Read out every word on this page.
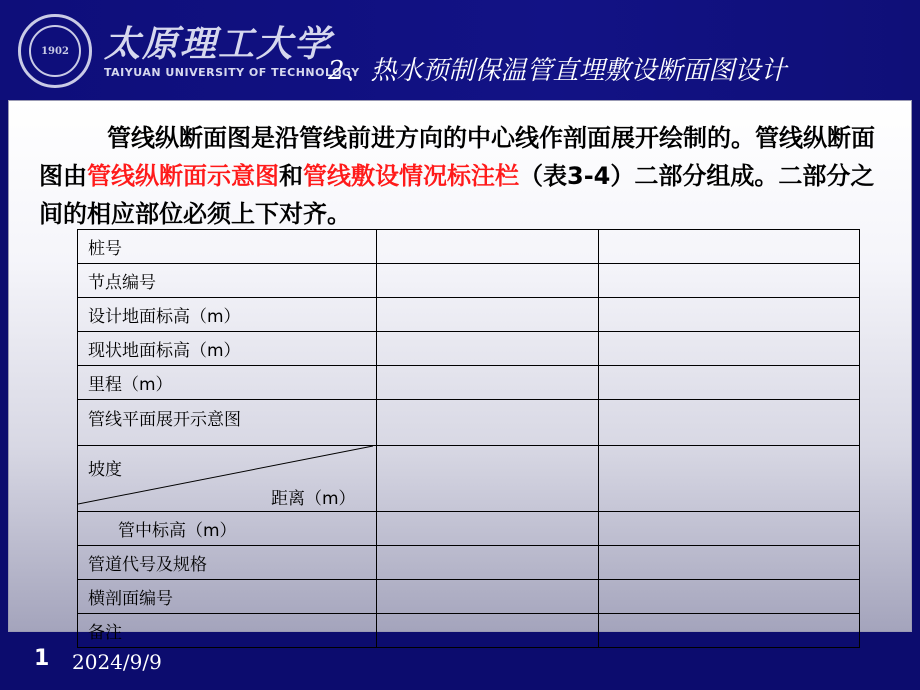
1902 太原理工大学
TAIYUAN UNIVERSITY OF TECHNOLOGY
2、热水预制保温管直埋敷设断面图设计
管线纵断面图是沿管线前进方向的中心线作剖面展开绘制的。管线纵断面图由管线纵断面示意图和管线敷设情况标注栏（表3-4）二部分组成。二部分之间的相应部位必须上下对齐。
桩号		
节点编号		
设计地面标高（m）		
现状地面标高（m）		
里程（m）		
管线平面展开示意图		

坡度
距离（m）		

管中标高（m）		
管道代号及规格		
横剖面编号		
备注		
1 2024/9/9
